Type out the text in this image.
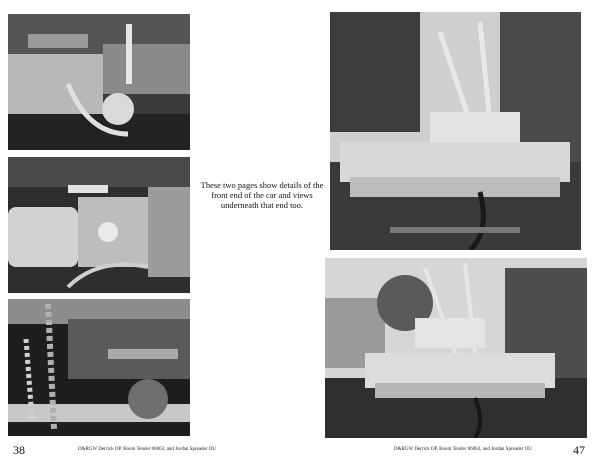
These two pages show details of the front end of the car and views underneath that end too.
38	D&RGW Derrick OP, Boom Tender 06063, and Jordan Spreader OU	D&RGW Derrick OP, Boom Tender 06063, and Jordan Spreader OU	47
